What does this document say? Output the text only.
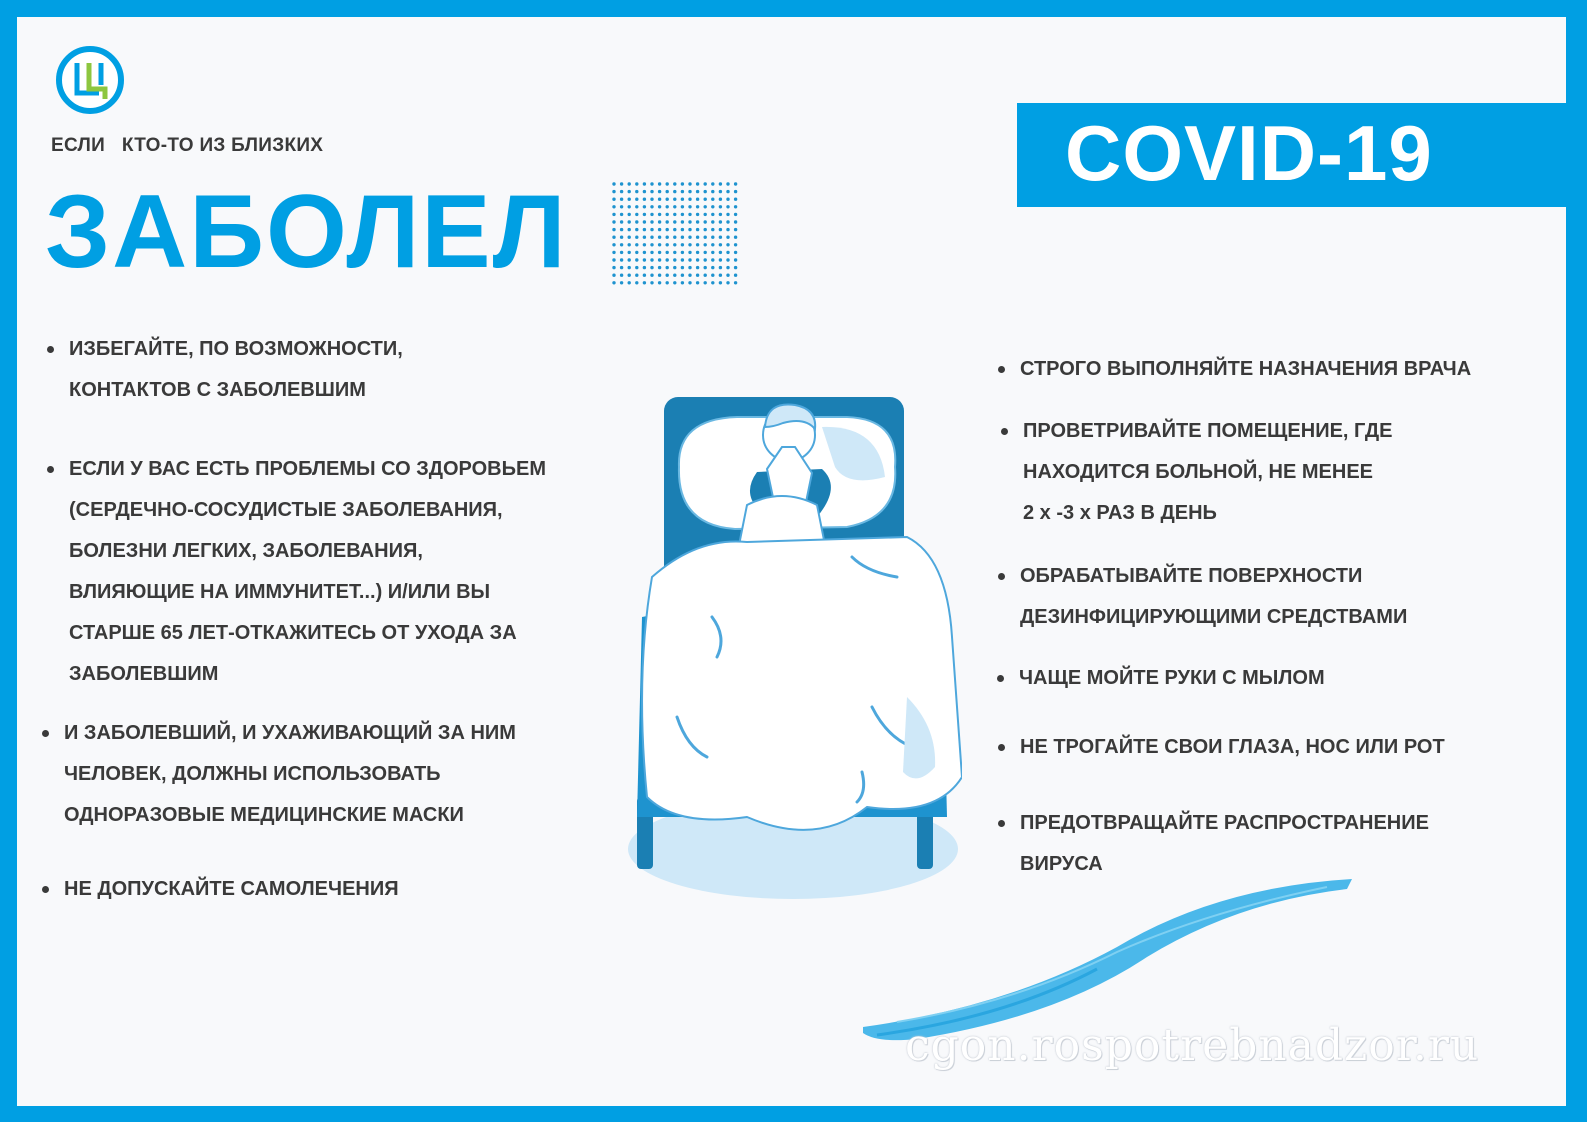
ЕСЛИ   КТО-ТО ИЗ БЛИЗКИХ
ЗАБОЛЕЛ
COVID-19
ИЗБЕГАЙТЕ, ПО ВОЗМОЖНОСТИ,
КОНТАКТОВ С ЗАБОЛЕВШИМ
ЕСЛИ У ВАС ЕСТЬ ПРОБЛЕМЫ СО ЗДОРОВЬЕМ
(СЕРДЕЧНО-СОСУДИСТЫЕ ЗАБОЛЕВАНИЯ,
БОЛЕЗНИ ЛЕГКИХ, ЗАБОЛЕВАНИЯ,
ВЛИЯЮЩИЕ НА ИММУНИТЕТ...) И/ИЛИ ВЫ
СТАРШЕ 65 ЛЕТ-ОТКАЖИТЕСЬ ОТ УХОДА ЗА
ЗАБОЛЕВШИМ
И ЗАБОЛЕВШИЙ, И УХАЖИВАЮЩИЙ ЗА НИМ
ЧЕЛОВЕК, ДОЛЖНЫ ИСПОЛЬЗОВАТЬ
ОДНОРАЗОВЫЕ МЕДИЦИНСКИЕ МАСКИ
НЕ ДОПУСКАЙТЕ САМОЛЕЧЕНИЯ
СТРОГО ВЫПОЛНЯЙТЕ НАЗНАЧЕНИЯ ВРАЧА
ПРОВЕТРИВАЙТЕ ПОМЕЩЕНИЕ, ГДЕ
НАХОДИТСЯ БОЛЬНОЙ, НЕ МЕНЕЕ
2 х -3 х РАЗ В ДЕНЬ
ОБРАБАТЫВАЙТЕ ПОВЕРХНОСТИ
ДЕЗИНФИЦИРУЮЩИМИ СРЕДСТВАМИ
ЧАЩЕ МОЙТЕ РУКИ С МЫЛОМ
НЕ ТРОГАЙТЕ СВОИ ГЛАЗА, НОС ИЛИ РОТ
ПРЕДОТВРАЩАЙТЕ РАСПРОСТРАНЕНИЕ
ВИРУСА
cgon.rospotrebnadzor.ru
